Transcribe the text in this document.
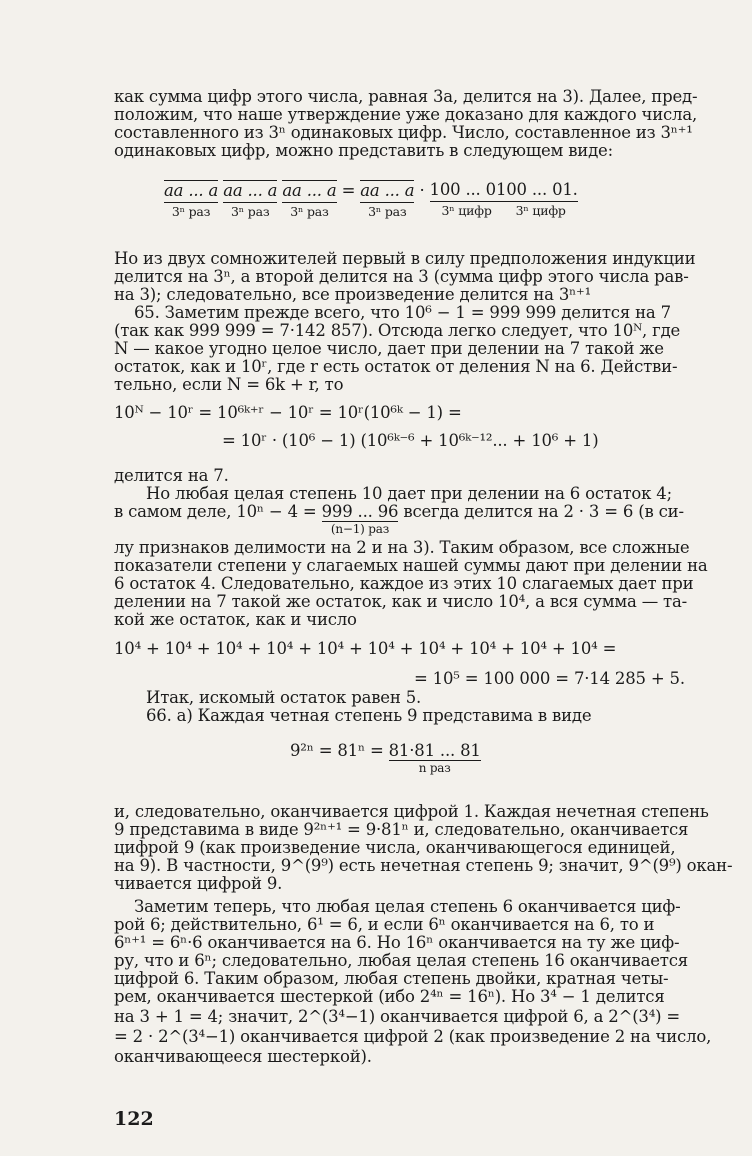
как сумма цифр этого числа, равная 3a, делится на 3). Далее, пред-
положим, что наше утверждение уже доказано для каждого числа,
составленного из 3ⁿ одинаковых цифр. Число, составленное из 3ⁿ⁺¹
одинаковых цифр, можно представить в следующем виде:
aa ... a
3ⁿ раз

aa ... a
3ⁿ раз

aa ... a
3ⁿ раз
= aa ... a
3ⁿ раз
· 100 ... 0100 ... 01.
3ⁿ цифр 3ⁿ цифр
Но из двух сомножителей первый в силу предположения индукции
делится на 3ⁿ, а второй делится на 3 (сумма цифр этого числа рав-
на 3); следовательно, все произведение делится на 3ⁿ⁺¹
65. Заметим прежде всего, что 10⁶ − 1 = 999 999 делится на 7
(так как 999 999 = 7·142 857). Отсюда легко следует, что 10ᴺ, где
N — какое угодно целое число, дает при делении на 7 такой же
остаток, как и 10ʳ, где r есть остаток от деления N на 6. Действи-
тельно, если N = 6k + r, то
10ᴺ − 10ʳ = 10⁶ᵏ⁺ʳ − 10ʳ = 10ʳ(10⁶ᵏ − 1) =
= 10ʳ · (10⁶ − 1) (10⁶ᵏ⁻⁶ + 10⁶ᵏ⁻¹²... + 10⁶ + 1)
делится на 7.
Но любая целая степень 10 дает при делении на 6 остаток 4;
в самом деле, 10ⁿ − 4 = 999 ... 96
(n−1) раз
всегда делится на 2 · 3 = 6 (в си-
лу признаков делимости на 2 и на 3). Таким образом, все сложные
показатели степени у слагаемых нашей суммы дают при делении на
6 остаток 4. Следовательно, каждое из этих 10 слагаемых дает при
делении на 7 такой же остаток, как и число 10⁴, а вся сумма — та-
кой же остаток, как и число
10⁴ + 10⁴ + 10⁴ + 10⁴ + 10⁴ + 10⁴ + 10⁴ + 10⁴ + 10⁴ + 10⁴ =
= 10⁵ = 100 000 = 7·14 285 + 5.
Итак, искомый остаток равен 5.
66. а) Каждая четная степень 9 представима в виде
9²ⁿ = 81ⁿ = 81·81 ... 81
n раз
и, следовательно, оканчивается цифрой 1. Каждая нечетная степень
9 представима в виде 9²ⁿ⁺¹ = 9·81ⁿ и, следовательно, оканчивается
цифрой 9 (как произведение числа, оканчивающегося единицей,
на 9). В частности, 9^(9⁹) есть нечетная степень 9; значит, 9^(9⁹) окан-
чивается цифрой 9.
Заметим теперь, что любая целая степень 6 оканчивается циф-
рой 6; действительно, 6¹ = 6, и если 6ⁿ оканчивается на 6, то и
6ⁿ⁺¹ = 6ⁿ·6 оканчивается на 6. Но 16ⁿ оканчивается на ту же циф-
ру, что и 6ⁿ; следовательно, любая целая степень 16 оканчивается
цифрой 6. Таким образом, любая степень двойки, кратная четы-
рем, оканчивается шестеркой (ибо 2⁴ⁿ = 16ⁿ). Но 3⁴ − 1 делится
на 3 + 1 = 4; значит, 2^(3⁴−1) оканчивается цифрой 6, а 2^(3⁴) =
= 2 · 2^(3⁴−1) оканчивается цифрой 2 (как произведение 2 на число,
оканчивающееся шестеркой).
122
